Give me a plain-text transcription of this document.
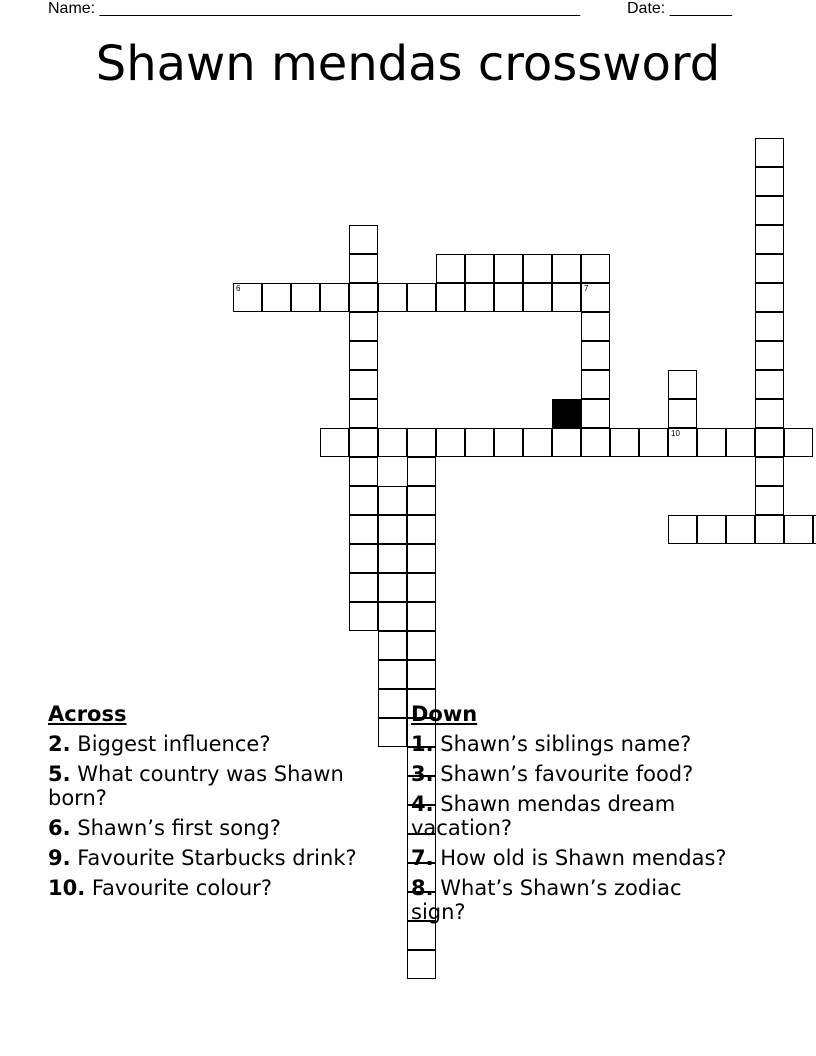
Name: ______________________________________________________	Date: _______
Shawn mendas crossword
6	7
10
Across
2. Biggest influence?
5. What country was Shawn born?
6. Shawn’s first song?
9. Favourite Starbucks drink?
10. Favourite colour?
Down
1. Shawn’s siblings name?
3. Shawn’s favourite food?
4. Shawn mendas dream vacation?
7. How old is Shawn mendas?
8. What’s Shawn’s zodiac sign?
